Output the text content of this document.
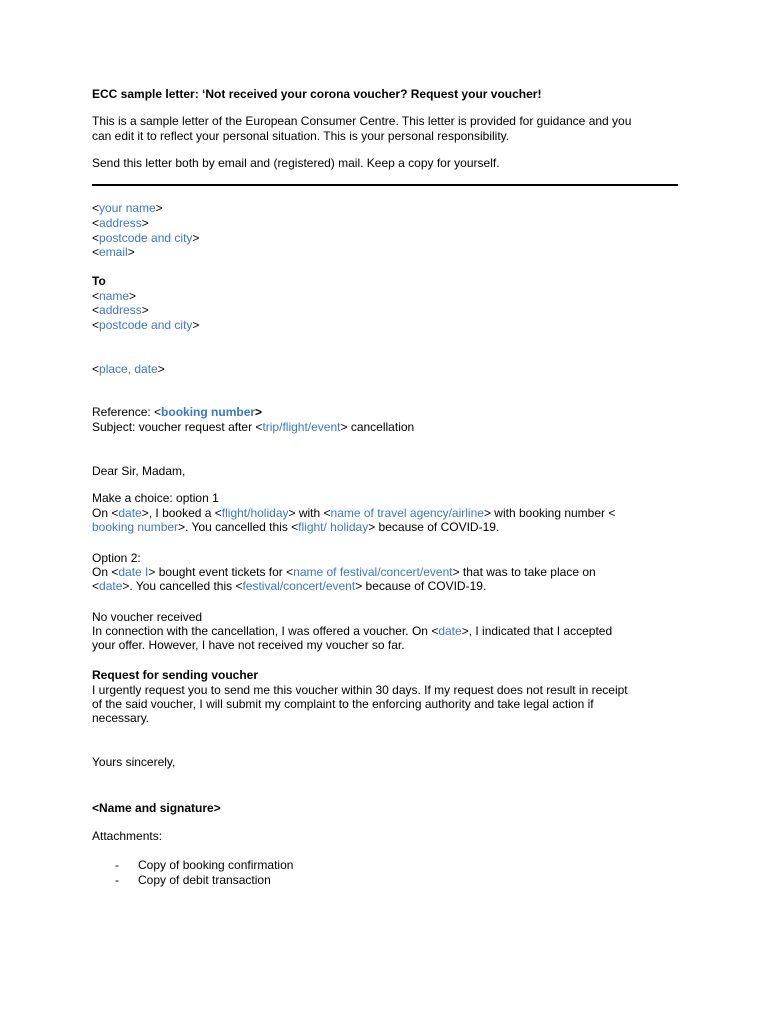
ECC sample letter: ‘Not received your corona voucher? Request your voucher!
This is a sample letter of the European Consumer Centre. This letter is provided for guidance and you
can edit it to reflect your personal situation. This is your personal responsibility.
Send this letter both by email and (registered) mail. Keep a copy for yourself.
<your name>
<address>
<postcode and city>
<email>
To
<name>
<address>
<postcode and city>
<place, date>
Reference: <booking number>
Subject: voucher request after <trip/flight/event> cancellation
Dear Sir, Madam,
Make a choice: option 1
On <date>, I booked a <flight/holiday> with <name of travel agency/airline> with booking number <
booking number>. You cancelled this <flight/ holiday> because of COVID-19.
Option 2:
On <date I> bought event tickets for <name of festival/concert/event> that was to take place on
<date>. You cancelled this <festival/concert/event> because of COVID-19.
No voucher received
In connection with the cancellation, I was offered a voucher. On <date>, I indicated that I accepted
your offer. However, I have not received my voucher so far.
Request for sending voucher
I urgently request you to send me this voucher within 30 days. If my request does not result in receipt
of the said voucher, I will submit my complaint to the enforcing authority and take legal action if
necessary.
Yours sincerely,
<Name and signature>
Attachments:
- Copy of booking confirmation
- Copy of debit transaction
